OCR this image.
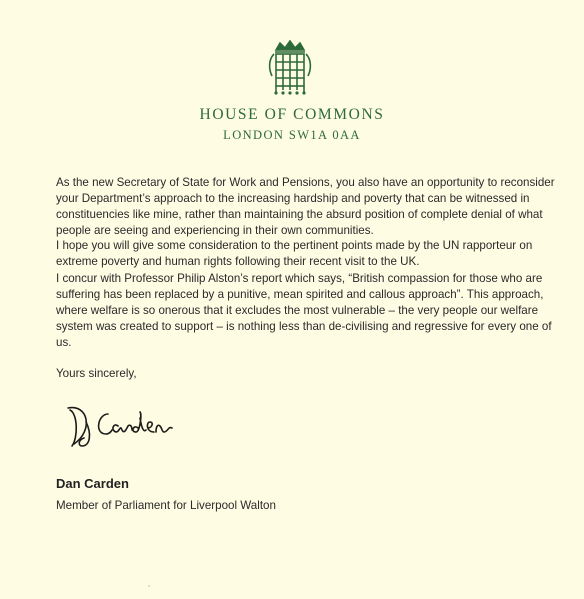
HOUSE OF COMMONS
LONDON SW1A 0AA
As the new Secretary of State for Work and Pensions, you also have an opportunity to reconsider your Department’s approach to the increasing hardship and poverty that can be witnessed in constituencies like mine, rather than maintaining the absurd position of complete denial of what people are seeing and experiencing in their own communities.
I hope you will give some consideration to the pertinent points made by the UN rapporteur on extreme poverty and human rights following their recent visit to the UK.
I concur with Professor Philip Alston’s report which says, “British compassion for those who are suffering has been replaced by a punitive, mean spirited and callous approach”. This approach, where welfare is so onerous that it excludes the most vulnerable – the very people our welfare system was created to support – is nothing less than de-civilising and regressive for every one of us.
Yours sincerely,
Dan Carden
Member of Parliament for Liverpool Walton
